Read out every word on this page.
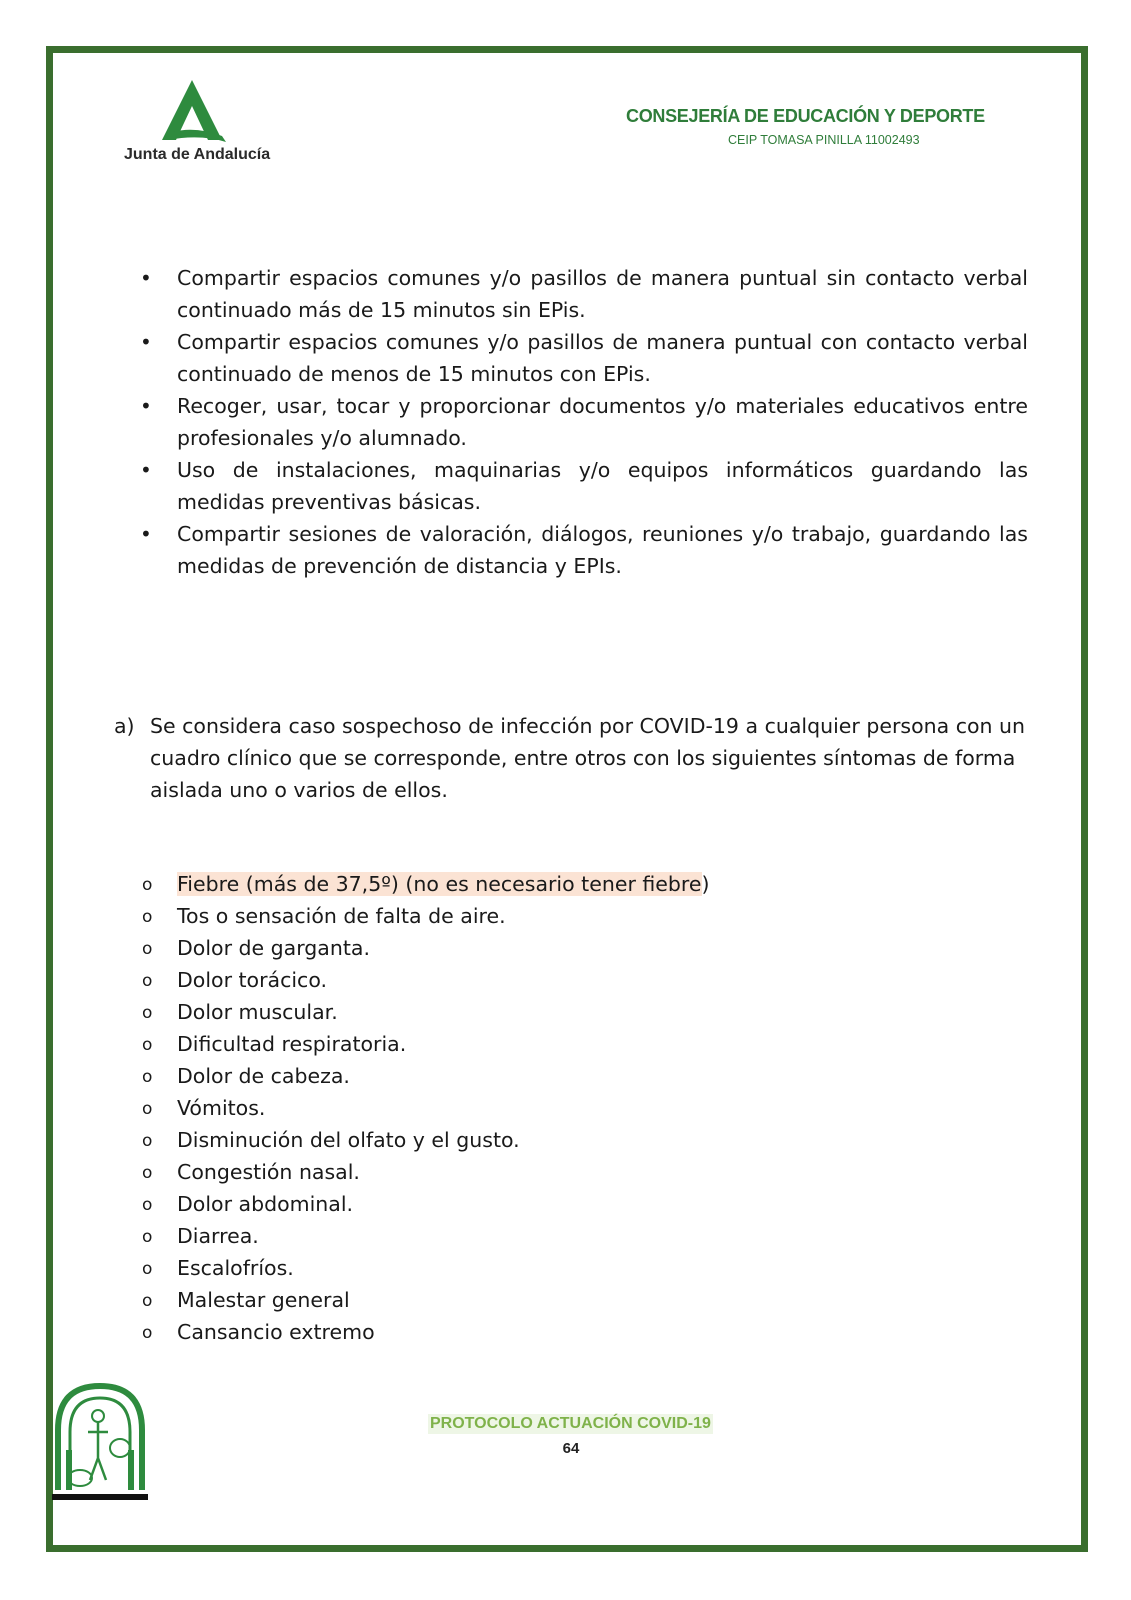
Junta de Andalucía
CONSEJERÍA DE EDUCACIÓN Y DEPORTE
CEIP TOMASA PINILLA 11002493
• Compartir espacios comunes y/o pasillos de manera puntual sin contacto verbal continuado más de 15 minutos sin EPis.
• Compartir espacios comunes y/o pasillos de manera puntual con contacto verbal continuado de menos de 15 minutos con EPis.
• Recoger, usar, tocar y proporcionar documentos y/o materiales educativos entre profesionales y/o alumnado.
• Uso de instalaciones, maquinarias y/o equipos informáticos guardando las medidas preventivas básicas.
• Compartir sesiones de valoración, diálogos, reuniones y/o trabajo, guardando las medidas de prevención de distancia y EPIs.
a) Se considera caso sospechoso de infección por COVID-19 a cualquier persona con un cuadro clínico que se corresponde, entre otros con los siguientes síntomas de forma aislada uno o varios de ellos.
o Fiebre (más de 37,5º) (no es necesario tener fiebre)
o Tos o sensación de falta de aire.
o Dolor de garganta.
o Dolor torácico.
o Dolor muscular.
o Dificultad respiratoria.
o Dolor de cabeza.
o Vómitos.
o Disminución del olfato y el gusto.
o Congestión nasal.
o Dolor abdominal.
o Diarrea.
o Escalofríos.
o Malestar general
o Cansancio extremo
PROTOCOLO ACTUACIÓN COVID-19
64
